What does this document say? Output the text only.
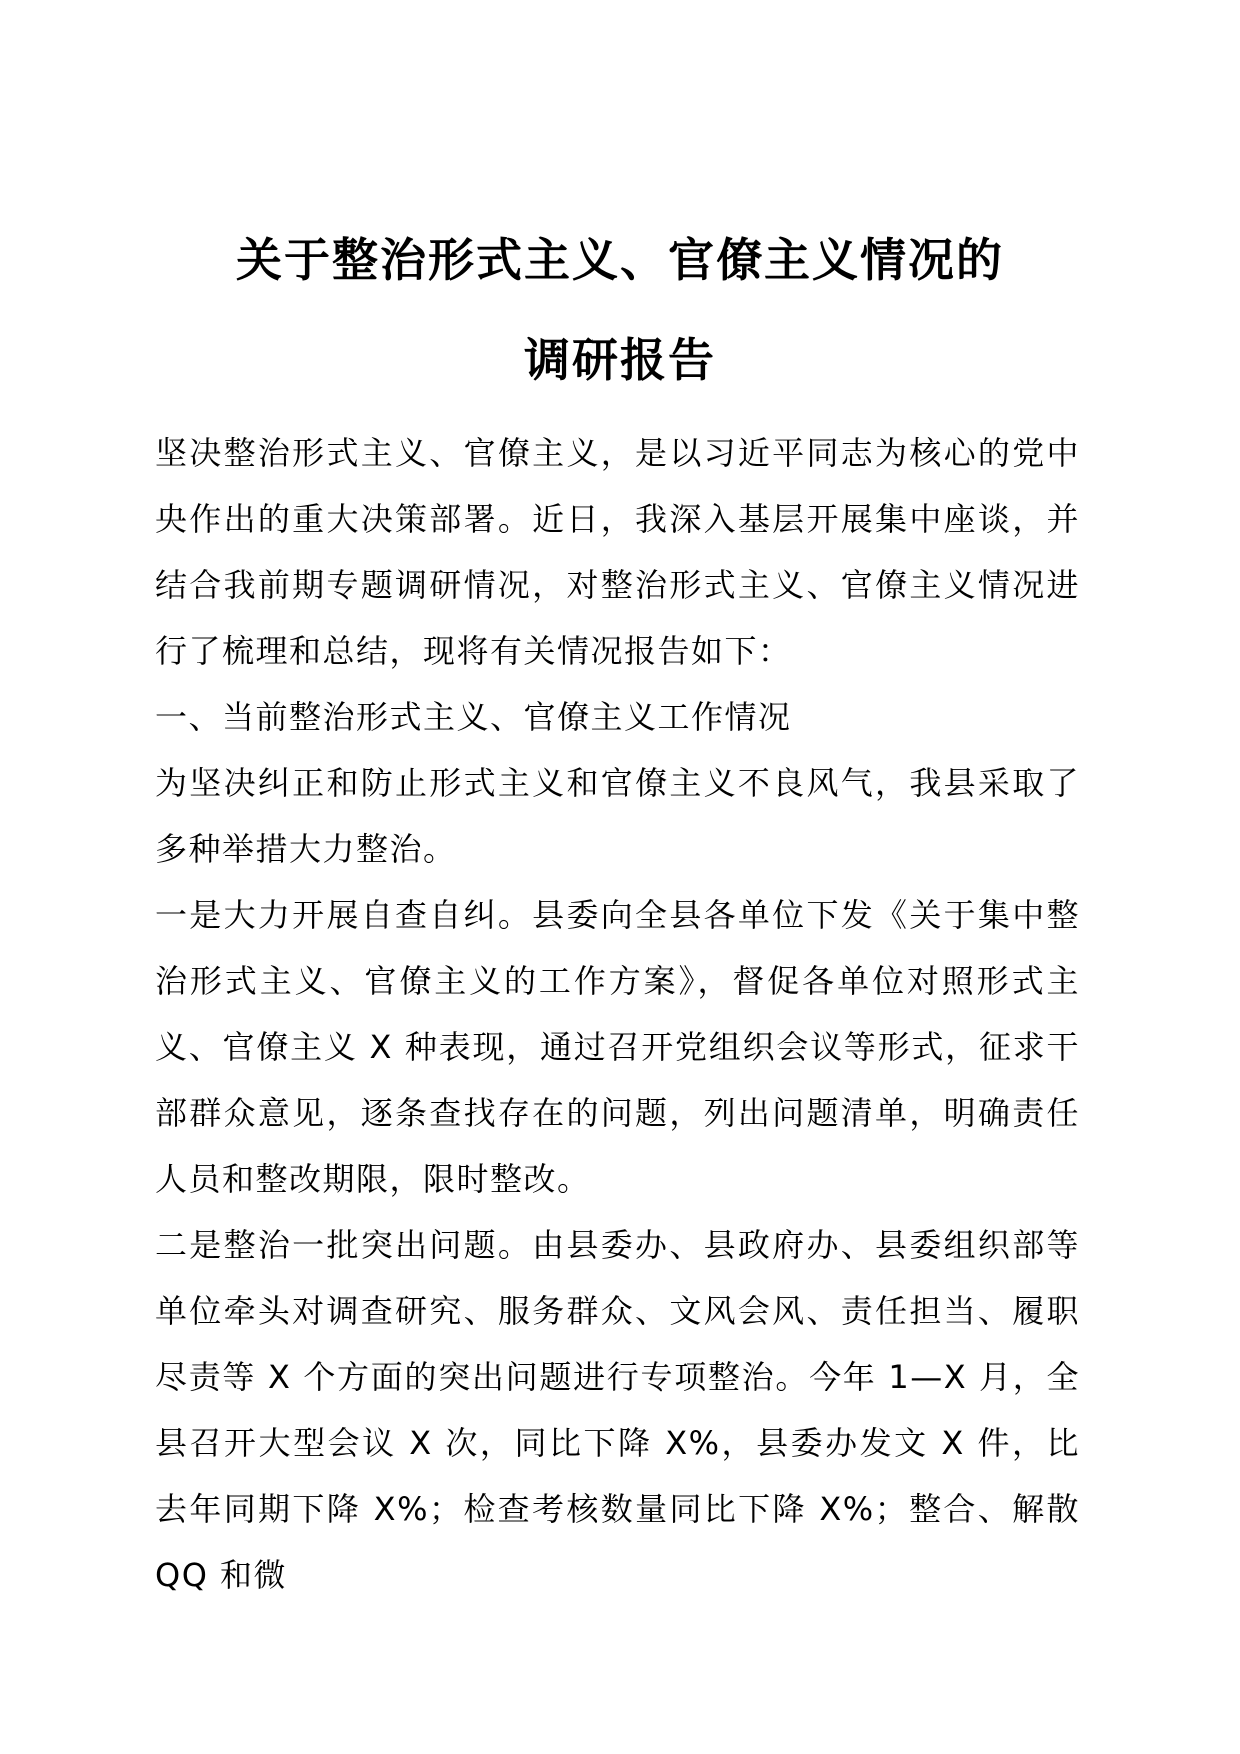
关于整治形式主义、官僚主义情况的
调研报告

坚决整治形式主义、官僚主义，是以习近平同志为核心的党中央作出的重大决策部署。近日，我深入基层开展集中座谈，并结合我前期专题调研情况，对整治形式主义、官僚主义情况进行了梳理和总结，现将有关情况报告如下：

一、当前整治形式主义、官僚主义工作情况

为坚决纠正和防止形式主义和官僚主义不良风气，我县采取了多种举措大力整治。

一是大力开展自查自纠。县委向全县各单位下发《关于集中整治形式主义、官僚主义的工作方案》，督促各单位对照形式主义、官僚主义 X 种表现，通过召开党组织会议等形式，征求干部群众意见，逐条查找存在的问题，列出问题清单，明确责任人员和整改期限，限时整改。

二是整治一批突出问题。由县委办、县政府办、县委组织部等单位牵头对调查研究、服务群众、文风会风、责任担当、履职尽责等 X 个方面的突出问题进行专项整治。今年 1—X 月，全县召开大型会议 X 次，同比下降 X%，县委办发文 X 件，比去年同期下降 X%；检查考核数量同比下降 X%；整合、解散 QQ 和微
